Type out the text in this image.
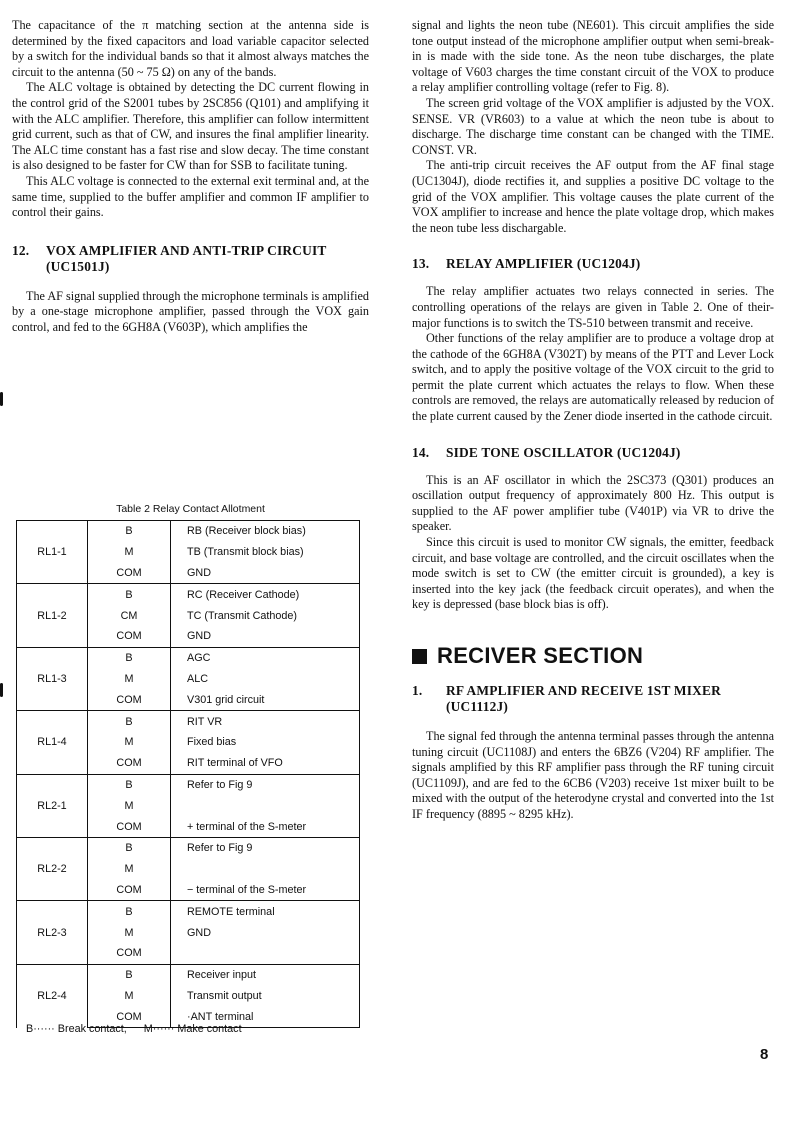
The capacitance of the π matching section at the antenna side is determined by the fixed capacitors and load variable capacitor selected by a switch for the individual bands so that it almost always matches the circuit to the antenna (50 ~ 75 Ω) on any of the bands.

The ALC voltage is obtained by detecting the DC current flowing in the control grid of the S2001 tubes by 2SC856 (Q101) and amplifying it with the ALC amplifier. Therefore, this amplifier can follow intermittent grid current, such as that of CW, and insures the final amplifier linearity. The ALC time constant has a fast rise and slow decay. The time constant is also designed to be faster for CW than for SSB to facilitate tuning.

This ALC voltage is connected to the external exit terminal and, at the same time, supplied to the buffer amplifier and common IF amplifier to control their gains.

12. VOX AMPLIFIER AND ANTI-TRIP CIRCUIT (UC1501J)

The AF signal supplied through the microphone terminals is amplified by a one-stage microphone amplifier, passed through the VOX gain control, and fed to the 6GH8A (V603P), which amplifies the

Table 2 Relay Contact Allotment
RL1-1	B	RB (Receiver block bias)
	M	TB (Transmit block bias)
	COM	GND
RL1-2	B	RC (Receiver Cathode)
	CM	TC (Transmit Cathode)
	COM	GND
RL1-3	B	AGC
	M	ALC
	COM	V301 grid circuit
RL1-4	B	RIT VR
	M	Fixed bias
	COM	RIT terminal of VFO
RL2-1	B	Refer to Fig 9
	M	
	COM	+ terminal of the S-meter
RL2-2	B	Refer to Fig 9
	M	
	COM	− terminal of the S-meter
RL2-3	B	REMOTE terminal
	M	GND
	COM	
RL2-4	B	Receiver input
	M	Transmit output
	COM	·ANT terminal
B······ Break contact, M······ Make contact

signal and lights the neon tube (NE601). This circuit amplifies the side tone output instead of the microphone amplifier output when semi-break-in is made with the side tone. As the neon tube discharges, the plate voltage of V603 charges the time constant circuit of the VOX to produce a relay amplifier controlling voltage (refer to Fig. 8).

The screen grid voltage of the VOX amplifier is adjusted by the VOX. SENSE. VR (VR603) to a value at which the neon tube is about to discharge. The discharge time constant can be changed with the TIME. CONST. VR.

The anti-trip circuit receives the AF output from the AF final stage (UC1304J), diode rectifies it, and supplies a positive DC voltage to the grid of the VOX amplifier. This voltage causes the plate current of the VOX amplifier to increase and hence the plate voltage drop, which makes the neon tube less dischargable.

13. RELAY AMPLIFIER (UC1204J)

The relay amplifier actuates two relays connected in series. The controlling operations of the relays are given in Table 2. One of their-major functions is to switch the TS-510 between transmit and receive.

Other functions of the relay amplifier are to produce a voltage drop at the cathode of the 6GH8A (V302T) by means of the PTT and Lever Lock switch, and to apply the positive voltage of the VOX circuit to the grid to permit the plate current which actuates the relays to flow. When these controls are removed, the relays are automatically released by reducion of the plate current caused by the Zener diode inserted in the cathode circuit.

14. SIDE TONE OSCILLATOR (UC1204J)

This is an AF oscillator in which the 2SC373 (Q301) produces an oscillation output frequency of approximately 800 Hz. This output is supplied to the AF power amplifier tube (V401P) via VR to drive the speaker.

Since this circuit is used to monitor CW signals, the emitter, feedback circuit, and base voltage are controlled, and the circuit oscillates when the mode switch is set to CW (the emitter circuit is grounded), a key is inserted into the key jack (the feedback circuit operates), and when the key is depressed (base block bias is off).

RECIVER SECTION
1. RF AMPLIFIER AND RECEIVE 1ST MIXER (UC1112J)

The signal fed through the antenna terminal passes through the antenna tuning circuit (UC1108J) and enters the 6BZ6 (V204) RF amplifier. The signals amplified by this RF amplifier pass through the RF tuning circuit (UC1109J), and are fed to the 6CB6 (V203) receive 1st mixer built to be mixed with the output of the heterodyne crystal and converted into the 1st IF frequency (8895 ~ 8295 kHz).

8
